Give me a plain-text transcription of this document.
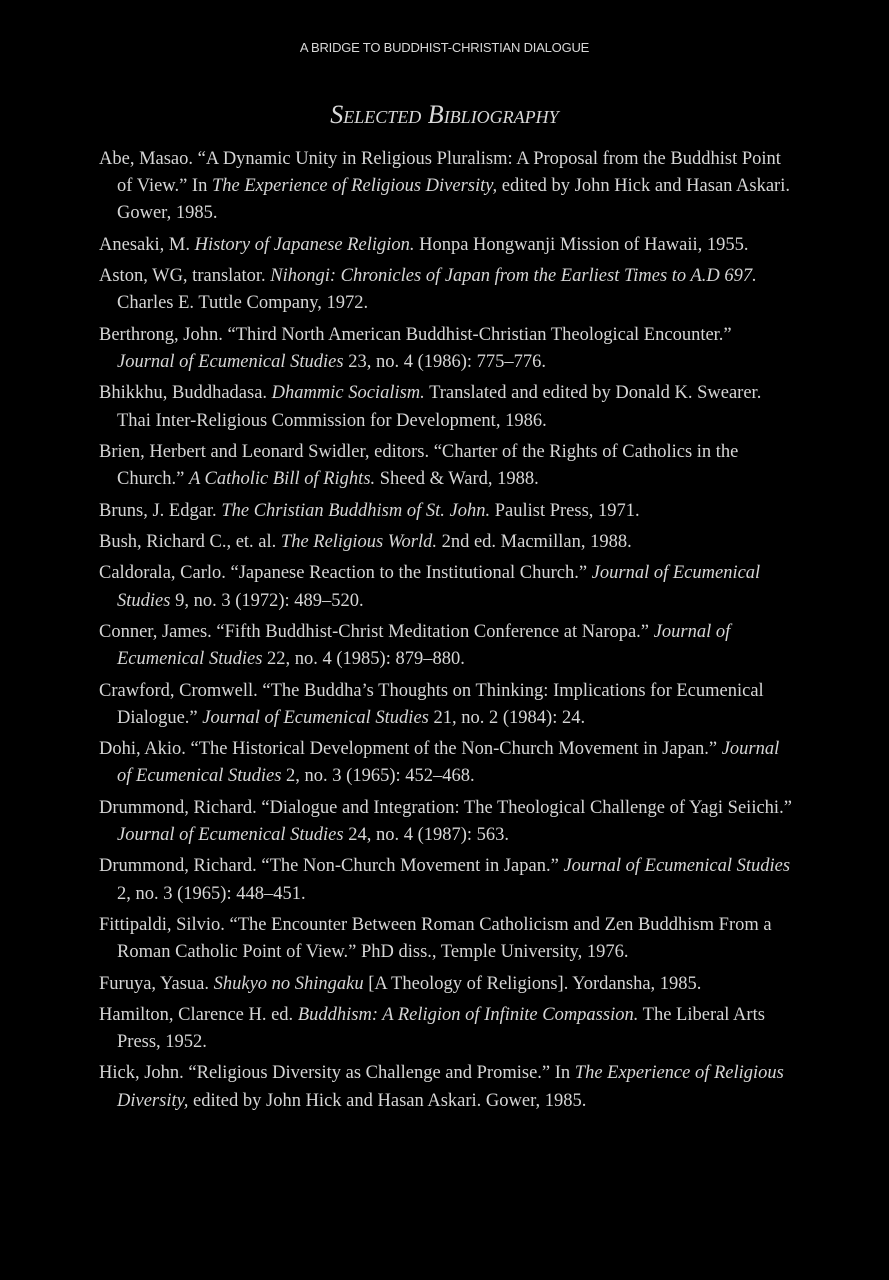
A BRIDGE TO BUDDHIST-CHRISTIAN DIALOGUE
Selected Bibliography
Abe, Masao. “A Dynamic Unity in Religious Pluralism: A Proposal from the Buddhist Point of View.” In The Experience of Religious Diversity, edited by John Hick and Hasan Askari. Gower, 1985.
Anesaki, M. History of Japanese Religion. Honpa Hongwanji Mission of Hawaii, 1955.
Aston, WG, translator. Nihongi: Chronicles of Japan from the Earliest Times to A.D 697. Charles E. Tuttle Company, 1972.
Berthrong, John. “Third North American Buddhist-Christian Theological Encounter.” Journal of Ecumenical Studies 23, no. 4 (1986): 775–776.
Bhikkhu, Buddhadasa. Dhammic Socialism. Translated and edited by Donald K. Swearer. Thai Inter-Religious Commission for Development, 1986.
Brien, Herbert and Leonard Swidler, editors. “Charter of the Rights of Catholics in the Church.” A Catholic Bill of Rights. Sheed & Ward, 1988.
Bruns, J. Edgar. The Christian Buddhism of St. John. Paulist Press, 1971.
Bush, Richard C., et. al. The Religious World. 2nd ed. Macmillan, 1988.
Caldorala, Carlo. “Japanese Reaction to the Institutional Church.” Journal of Ecumenical Studies 9, no. 3 (1972): 489–520.
Conner, James. “Fifth Buddhist-Christ Meditation Conference at Naropa.” Journal of Ecumenical Studies 22, no. 4 (1985): 879–880.
Crawford, Cromwell. “The Buddha’s Thoughts on Thinking: Implications for Ecumenical Dialogue.” Journal of Ecumenical Studies 21, no. 2 (1984): 24.
Dohi, Akio. “The Historical Development of the Non-Church Movement in Japan.” Journal of Ecumenical Studies 2, no. 3 (1965): 452–468.
Drummond, Richard. “Dialogue and Integration: The Theological Challenge of Yagi Seiichi.” Journal of Ecumenical Studies 24, no. 4 (1987): 563.
Drummond, Richard. “The Non-Church Movement in Japan.” Journal of Ecumenical Studies 2, no. 3 (1965): 448–451.
Fittipaldi, Silvio. “The Encounter Between Roman Catholicism and Zen Buddhism From a Roman Catholic Point of View.” PhD diss., Temple University, 1976.
Furuya, Yasua. Shukyo no Shingaku [A Theology of Religions]. Yordansha, 1985.
Hamilton, Clarence H. ed. Buddhism: A Religion of Infinite Compassion. The Liberal Arts Press, 1952.
Hick, John. “Religious Diversity as Challenge and Promise.” In The Experience of Religious Diversity, edited by John Hick and Hasan Askari. Gower, 1985.
